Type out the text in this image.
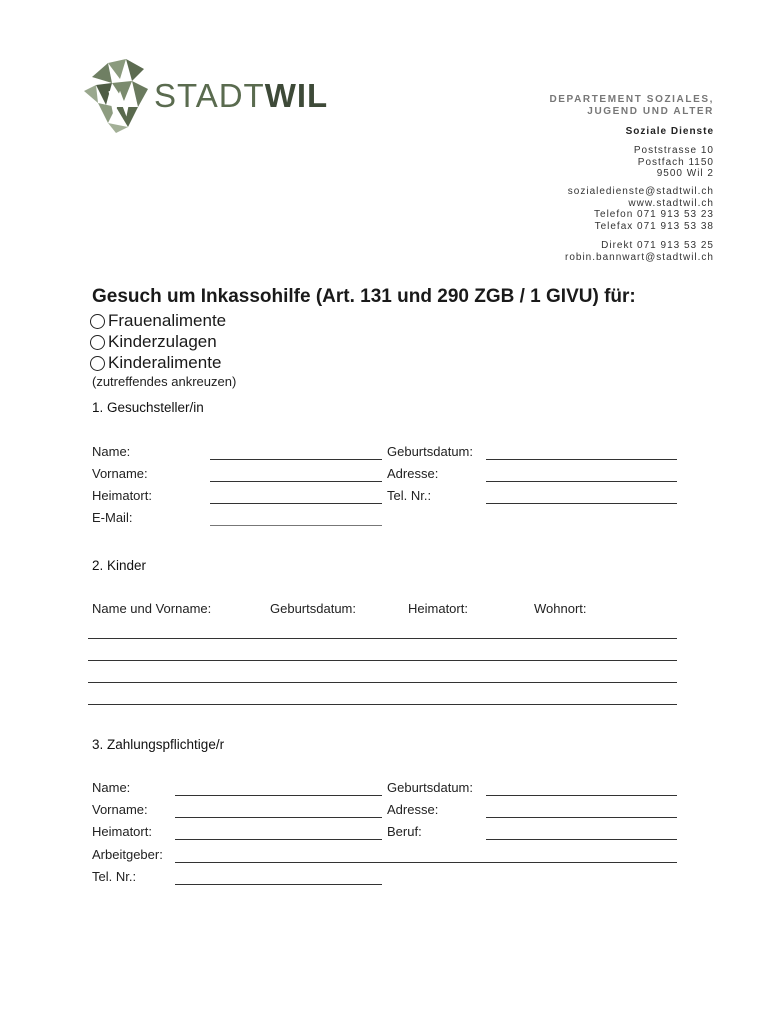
STADTWIL	DEPARTEMENT SOZIALES,
JUGEND UND ALTER
Soziale Dienste
Poststrasse 10
Postfach 1150
9500 Wil 2
sozialedienste@stadtwil.ch
www.stadtwil.ch
Telefon 071 913 53 23
Telefax 071 913 53 38
Direkt 071 913 53 25
robin.bannwart@stadtwil.ch
Gesuch um Inkassohilfe (Art. 131 und 290 ZGB / 1 GIVU) für:
Frauenalimente
Kinderzulagen
Kinderalimente
(zutreffendes ankreuzen)
1. Gesuchsteller/in
Name:	Geburtsdatum:
Vorname:	Adresse:
Heimatort:	Tel. Nr.:
E-Mail:
2. Kinder
Name und Vorname:	Geburtsdatum:	Heimatort:	Wohnort:
3. Zahlungspflichtige/r
Name:	Geburtsdatum:
Vorname:	Adresse:
Heimatort:	Beruf:
Arbeitgeber:
Tel. Nr.:
